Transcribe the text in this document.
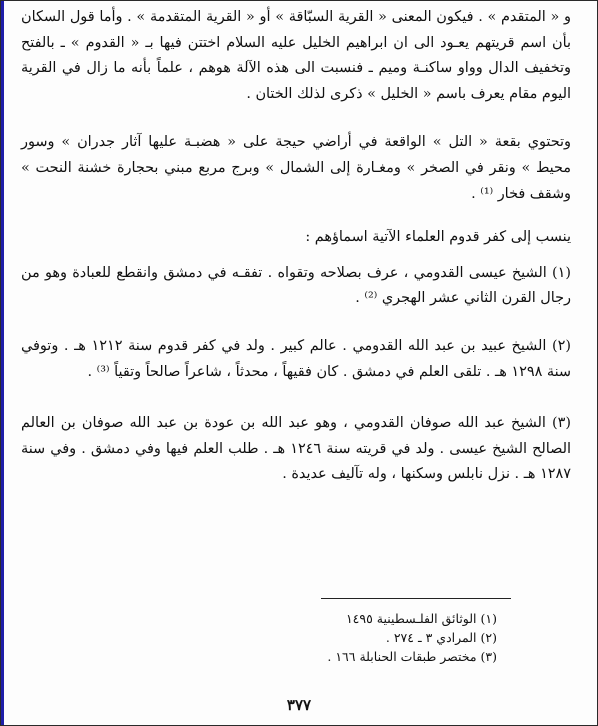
و « المتقدم » . فيكون المعنى « القرية السبّاقة » أو « القرية المتقدمة » . وأما قول السكان بأن اسم قريتهم يعـود الى ان ابراهيم الخليل عليه السلام اختتن فيها بـ « القدوم » ـ بالفتح وتخفيف الدال وواو ساكنـة وميم ـ فنسبت الى هذه الآلة هوهم ، علماً بأنه ما زال في القرية اليوم مقام يعرف باسم « الخليل » ذكرى لذلك الختان .

وتحتوي بقعة « التل » الواقعة في أراضي حيجة على « هضبـة عليها آثار جدران » وسور محيط » ونقر في الصخر » ومغـارة إلى الشمال » وبرج مربع مبني بحجارة خشنة النحت » وشقف فخار ⁽¹⁾ .

ينسب إلى كفر قدوم العلماء الآتية اسماؤهم :

(١) الشيخ عيسى القدومي ، عرف بصلاحه وتقواه . تفقـه في دمشق وانقطع للعبادة وهو من رجال القرن الثاني عشر الهجري ⁽²⁾ .

(٢) الشيخ عبيد بن عبد الله القدومي . عالم كبير . ولد في كفر قدوم سنة ١٢١٢ هـ . وتوفي سنة ١٢٩٨ هـ . تلقى العلم في دمشق . كان فقيهاً ، محدثاً ، شاعراً صالحاً وتقياً ⁽³⁾ .

(٣) الشيخ عبد الله صوفان القدومي ، وهو عبد الله بن عودة بن عبد الله صوفان بن العالم الصالح الشيخ عيسى . ولد في قريته سنة ١٢٤٦ هـ . طلب العلم فيها وفي دمشق . وفي سنة ١٢٨٧ هـ . نزل نابلس وسكنها ، وله تآليف عديدة .

(١) الوثائق الفلـسطينية ١٤٩٥
(٢) المرادي ٣ ـ ٢٧٤ .
(٣) مختصر طبقات الحنابلة ١٦٦ .
٣٧٧
